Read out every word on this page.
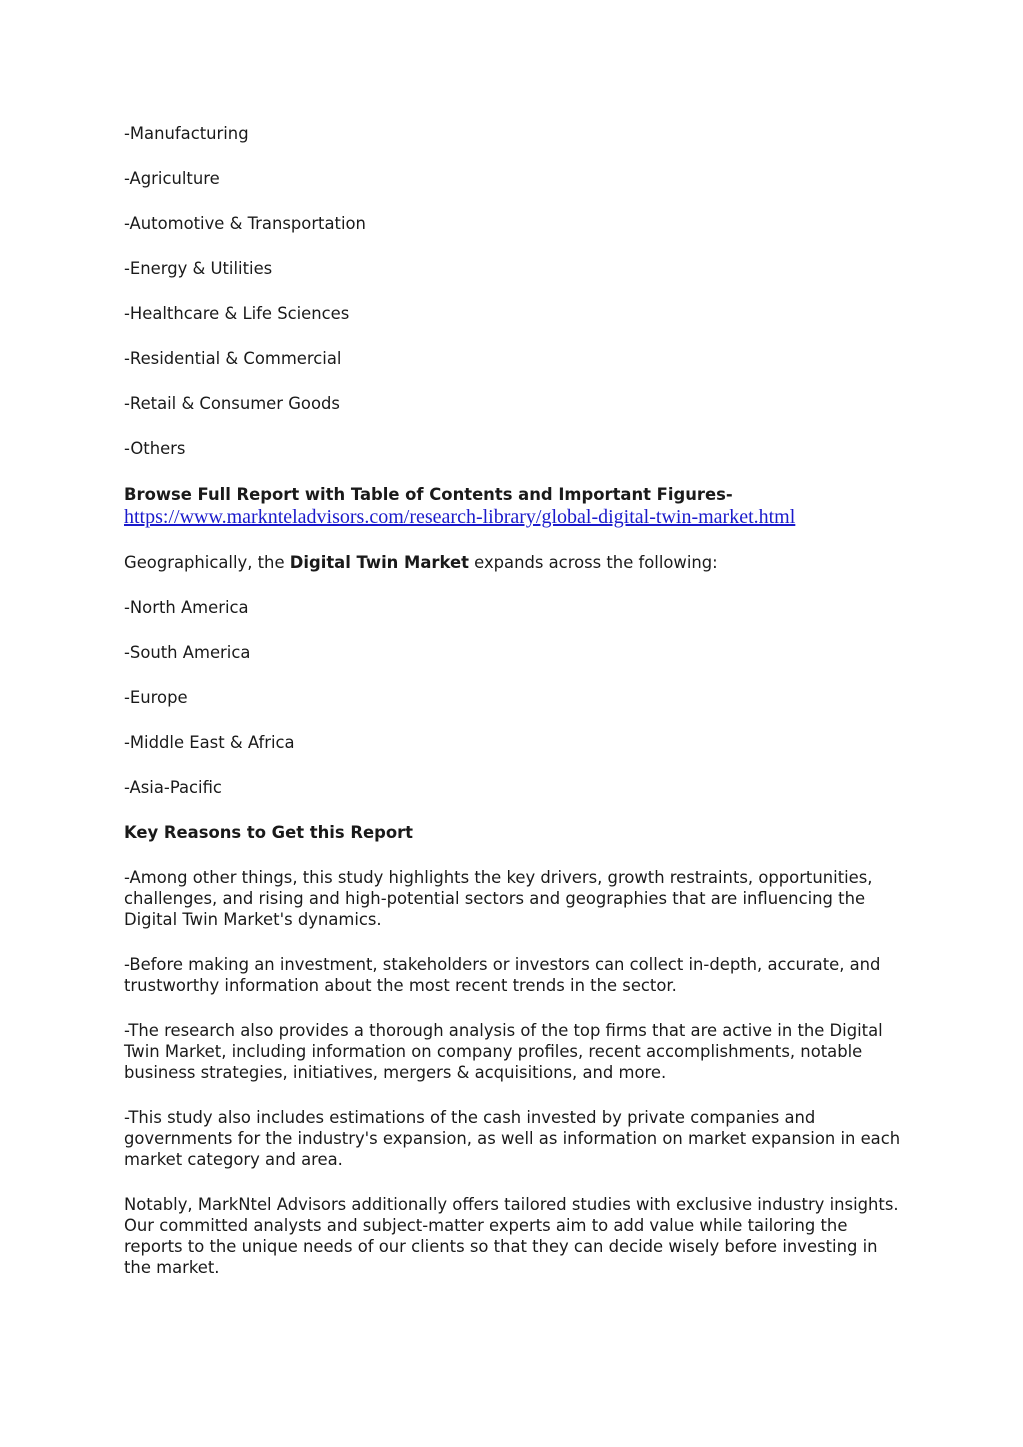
-Manufacturing

-Agriculture

-Automotive & Transportation

-Energy & Utilities

-Healthcare & Life Sciences

-Residential & Commercial

-Retail & Consumer Goods

-Others

Browse Full Report with Table of Contents and Important Figures- https://www.marknteladvisors.com/research-library/global-digital-twin-market.html

Geographically, the Digital Twin Market expands across the following:

-North America

-South America

-Europe

-Middle East & Africa

-Asia-Pacific

Key Reasons to Get this Report

-Among other things, this study highlights the key drivers, growth restraints, opportunities, challenges, and rising and high-potential sectors and geographies that are influencing the Digital Twin Market's dynamics.

-Before making an investment, stakeholders or investors can collect in-depth, accurate, and trustworthy information about the most recent trends in the sector.

-The research also provides a thorough analysis of the top firms that are active in the Digital Twin Market, including information on company profiles, recent accomplishments, notable business strategies, initiatives, mergers & acquisitions, and more.

-This study also includes estimations of the cash invested by private companies and governments for the industry's expansion, as well as information on market expansion in each market category and area.

Notably, MarkNtel Advisors additionally offers tailored studies with exclusive industry insights. Our committed analysts and subject-matter experts aim to add value while tailoring the reports to the unique needs of our clients so that they can decide wisely before investing in the market.
